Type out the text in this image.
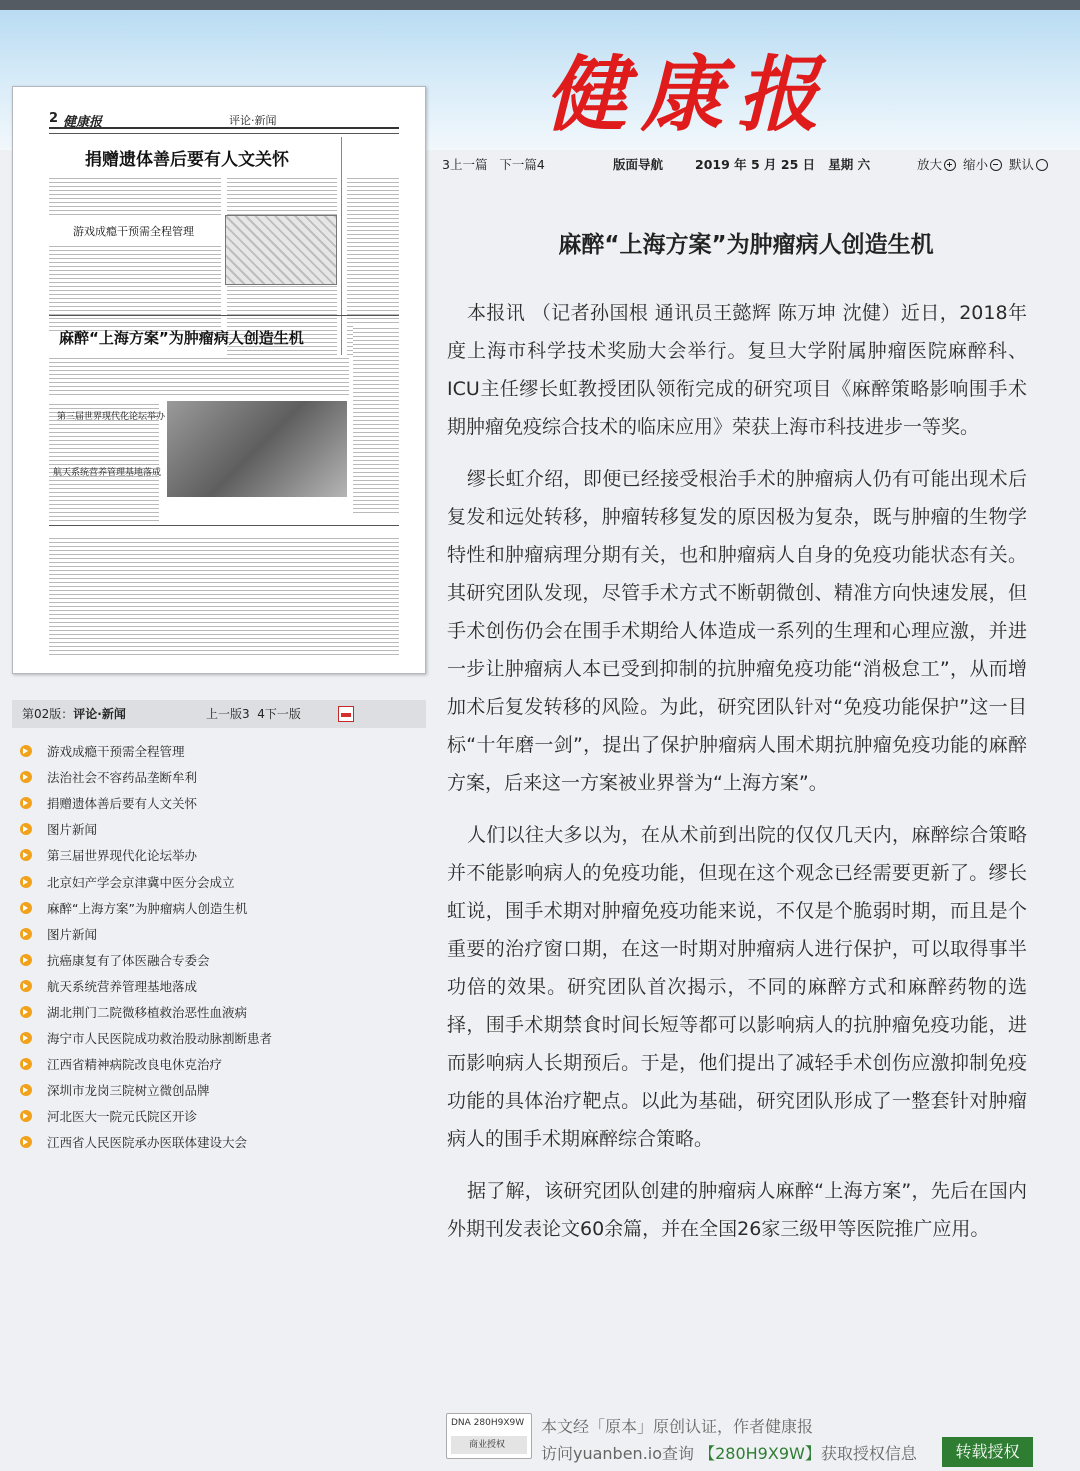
健康报
2 健康报	评论·新闻
捐赠遗体善后要有人文关怀
游戏成瘾干预需全程管理
麻醉“上海方案”为肿瘤病人创造生机
第三届世界现代化论坛举办
航天系统营养管理基地落成
第02版：评论·新闻	上一版3 4下一版
游戏成瘾干预需全程管理
法治社会不容药品垄断牟利
捐赠遗体善后要有人文关怀
图片新闻
第三届世界现代化论坛举办
北京妇产学会京津冀中医分会成立
麻醉“上海方案”为肿瘤病人创造生机
图片新闻
抗癌康复有了体医融合专委会
航天系统营养管理基地落成
湖北荆门二院微移植救治恶性血液病
海宁市人民医院成功救治股动脉割断患者
江西省精神病院改良电休克治疗
深圳市龙岗三院树立微创品牌
河北医大一院元氏院区开诊
江西省人民医院承办医联体建设大会
3上一篇 下一篇4	版面导航	2019 年 5 月 25 日 星期 六	放大 缩小 默认
麻醉“上海方案”为肿瘤病人创造生机

本报讯 （记者孙国根 通讯员王懿辉 陈万坤 沈健）近日，2018年度上海市科学技术奖励大会举行。复旦大学附属肿瘤医院麻醉科、ICU主任缪长虹教授团队领衔完成的研究项目《麻醉策略影响围手术期肿瘤免疫综合技术的临床应用》荣获上海市科技进步一等奖。

缪长虹介绍，即便已经接受根治手术的肿瘤病人仍有可能出现术后复发和远处转移，肿瘤转移复发的原因极为复杂，既与肿瘤的生物学特性和肿瘤病理分期有关，也和肿瘤病人自身的免疫功能状态有关。其研究团队发现，尽管手术方式不断朝微创、精准方向快速发展，但手术创伤仍会在围手术期给人体造成一系列的生理和心理应激，并进一步让肿瘤病人本已受到抑制的抗肿瘤免疫功能“消极怠工”，从而增加术后复发转移的风险。为此，研究团队针对“免疫功能保护”这一目标“十年磨一剑”，提出了保护肿瘤病人围术期抗肿瘤免疫功能的麻醉方案，后来这一方案被业界誉为“上海方案”。

人们以往大多以为，在从术前到出院的仅仅几天内，麻醉综合策略并不能影响病人的免疫功能，但现在这个观念已经需要更新了。缪长虹说，围手术期对肿瘤免疫功能来说，不仅是个脆弱时期，而且是个重要的治疗窗口期，在这一时期对肿瘤病人进行保护，可以取得事半功倍的效果。研究团队首次揭示，不同的麻醉方式和麻醉药物的选择，围手术期禁食时间长短等都可以影响病人的抗肿瘤免疫功能，进而影响病人长期预后。于是，他们提出了减轻手术创伤应激抑制免疫功能的具体治疗靶点。以此为基础，研究团队形成了一整套针对肿瘤病人的围手术期麻醉综合策略。

据了解，该研究团队创建的肿瘤病人麻醉“上海方案”，先后在国内外期刊发表论文60余篇，并在全国26家三级甲等医院推广应用。

DNA 280H9X9W
商业授权
本文经「原本」原创认证，作者健康报
访问yuanben.io查询 【280H9X9W】获取授权信息	转载授权
